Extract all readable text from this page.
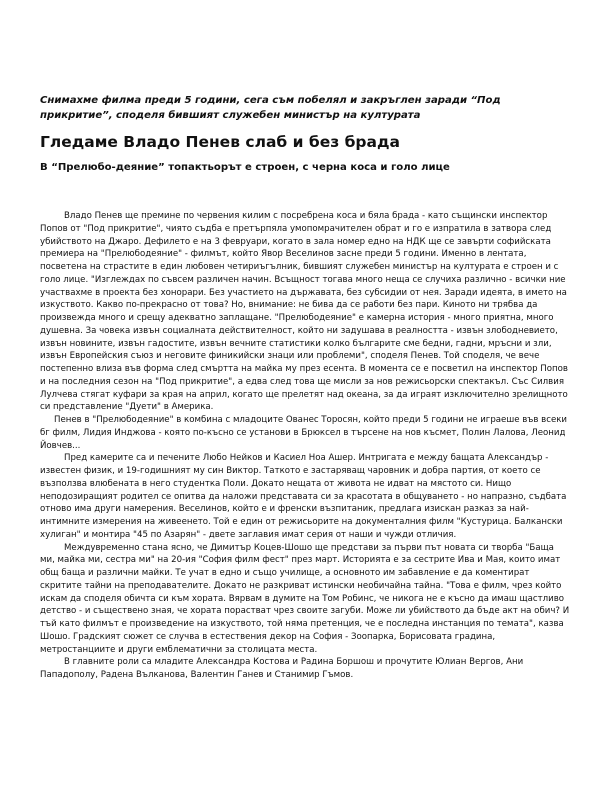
Снимахме филма преди 5 години, сега съм побелял и закръглен заради “Под прикритие”, споделя бившият служебен министър на културата

Гледаме Владо Пенев слаб и без брада
В “Прелюбо-деяние” топактьорът е строен, с черна коса и голо лице

Владо Пенев ще премине по червения килим с посребрена коса и бяла брада - като същински инспектор Попов от "Под прикритие", чиято съдба е претърпяла умопомрачителен обрат и го е изпратила в затвора след убийството на Джаро. Дефилето е на 3 февруари, когато в зала номер едно на НДК ще се завърти софийската премиера на "Прелюбодеяние" - филмът, който Явор Веселинов засне преди 5 години. Именно в лентата, посветена на страстите в един любовен четириъгълник, бившият служебен министър на културата е строен и с голо лице. "Изглеждах по съвсем различен начин. Всъщност тогава много неща се случиха различно - всички ние участвахме в проекта без хонорари. Без участието на държавата, без субсидии от нея. Заради идеята, в името на изкуството. Какво по-прекрасно от това? Но, внимание: не бива да се работи без пари. Киното ни трябва да произвежда много и срещу адекватно заплащане. "Прелюбодеяние" е камерна история - много приятна, много душевна. За човека извън социалната действителност, който ни задушава в реалността - извън злободневието, извън новините, извън гадостите, извън вечните статистики колко българите сме бедни, гадни, мръсни и зли, извън Европейския съюз и неговите финикийски знаци или проблеми", споделя Пенев. Той споделя, че вече постепенно влиза във форма след смъртта на майка му през есента. В момента се е посветил на инспектор Попов и на последния сезон на "Под прикритие", а едва след това ще мисли за нов режисьорски спектакъл. Със Силвия Лулчева стягат куфари за края на април, когато ще прелетят над океана, за да играят изключително зрелищното си представление "Дуети" в Америка.

Пенев в "Прелюбодеяние" в комбина с младоците Ованес Торосян, който преди 5 години не играеше във всеки бг филм, Лидия Инджова - която по-късно се установи в Брюксел в търсене на нов късмет, Полин Лалова, Леонид Йовчев...

Пред камерите са и печените Любо Нейков и Касиел Ноа Ашер. Интригата е между бащата Александър - известен физик, и 19-годишният му син Виктор. Таткото е застаряващ чаровник и добра партия, от което се възползва влюбената в него студентка Поли. Докато нещата от живота не идват на мястото си. Нищо неподозиращият родител се опитва да наложи представата си за красотата в общуването - но напразно, съдбата отново има други намерения. Веселинов, който е и френски възпитаник, предлага изискан разказ за най-интимните измерения на живеенето. Той е един от режисьорите на документалния филм "Кустурица. Балкански хулиган" и монтира "45 по Азарян" - двете заглавия имат серия от наши и чужди отличия.

Междувременно стана ясно, че Димитър Коцев-Шошо ще представи за първи път новата си творба "Баща ми, майка ми, сестра ми" на 20-ия "София филм фест" през март. Историята е за сестрите Ива и Мая, които имат общ баща и различни майки. Те учат в едно и също училище, а основното им забавление е да коментират скритите тайни на преподавателите. Докато не разкриват истински необичайна тайна. "Това е филм, чрез който искам да споделя обичта си към хората. Вярвам в думите на Том Робинс, че никога не е късно да имаш щастливо детство - и съществено зная, че хората порастват чрез своите загуби. Може ли убийството да бъде акт на обич? И тъй като филмът е произведение на изкуството, той няма претенция, че е последна инстанция по темата", казва Шошо. Градският сюжет се случва в естествения декор на София - Зоопарка, Борисовата градина, метростанциите и други емблематични за столицата места.

В главните роли са младите Александра Костова и Радина Боршош и прочутите Юлиан Вергов, Ани Пападополу, Радена Вълканова, Валентин Ганев и Станимир Гъмов.
